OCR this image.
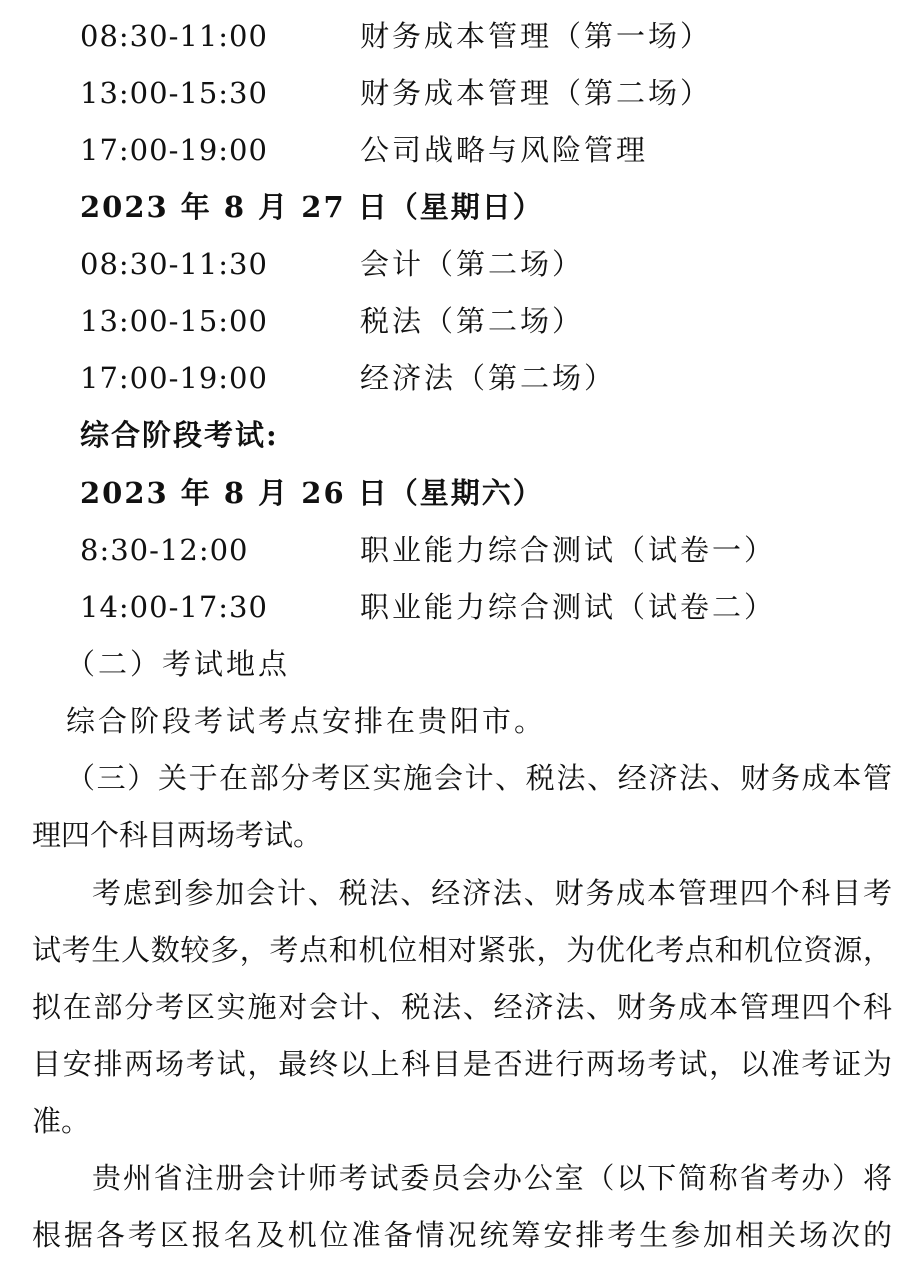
08:30-11:00	财务成本管理（第一场）
13:00-15:30	财务成本管理（第二场）
17:00-19:00	公司战略与风险管理
2023 年 8 月 27 日（星期日）
08:30-11:30	会计（第二场）
13:00-15:00	税法（第二场）
17:00-19:00	经济法（第二场）
综合阶段考试:
2023 年 8 月 26 日（星期六）
8:30-12:00	职业能力综合测试（试卷一）
14:00-17:30	职业能力综合测试（试卷二）
（二）考试地点
综合阶段考试考点安排在贵阳市。
（三）关于在部分考区实施会计、税法、经济法、财务成本管
理四个科目两场考试。
考虑到参加会计、税法、经济法、财务成本管理四个科目考
试考生人数较多，考点和机位相对紧张，为优化考点和机位资源，
拟在部分考区实施对会计、税法、经济法、财务成本管理四个科
目安排两场考试，最终以上科目是否进行两场考试，以准考证为
准。
贵州省注册会计师考试委员会办公室（以下简称省考办）将
根据各考区报名及机位准备情况统筹安排考生参加相关场次的
